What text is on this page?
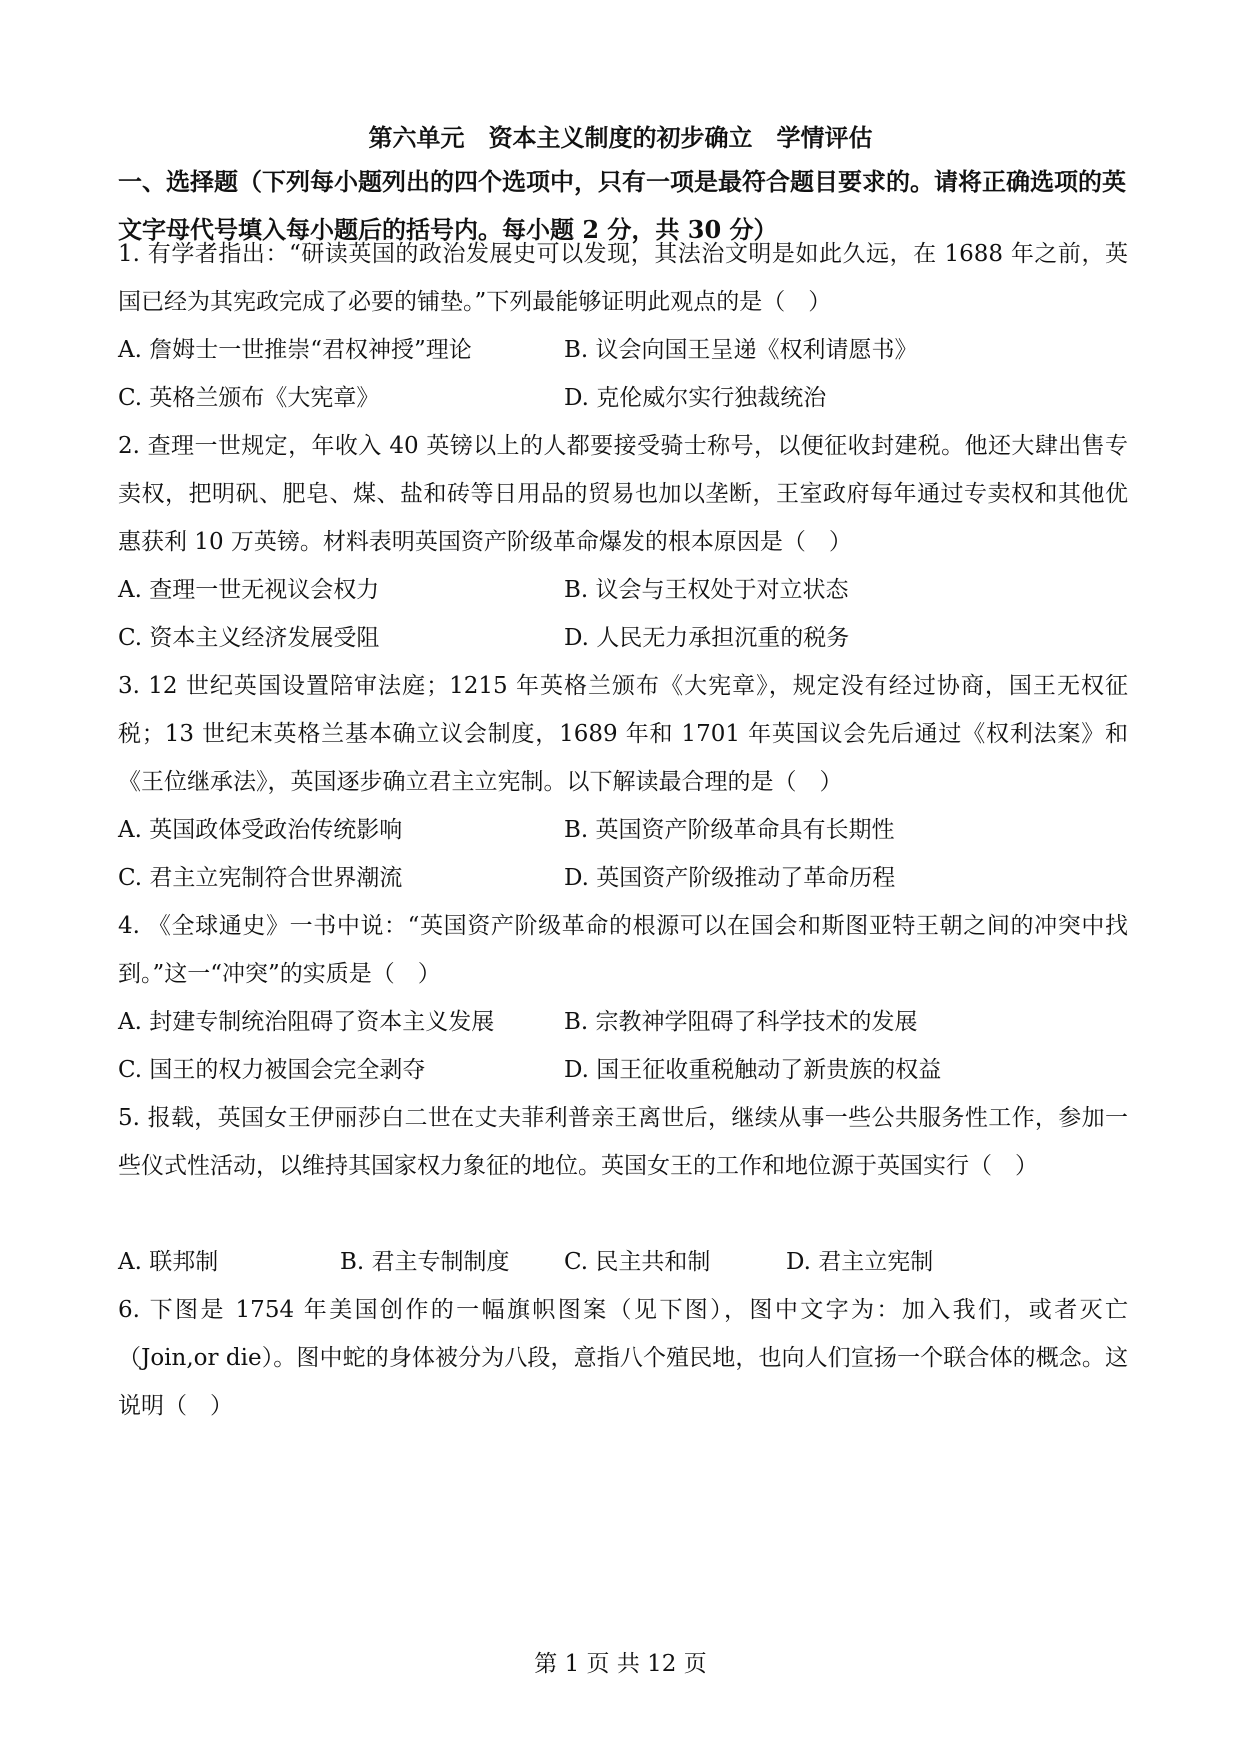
第六单元　资本主义制度的初步确立　学情评估
一、选择题（下列每小题列出的四个选项中，只有一项是最符合题目要求的。请将正确选项的英文字母代号填入每小题后的括号内。每小题 2 分，共 30 分）
1. 有学者指出：“研读英国的政治发展史可以发现，其法治文明是如此久远，在 1688 年之前，英国已经为其宪政完成了必要的铺垫。”下列最能够证明此观点的是（　）
A. 詹姆士一世推崇“君权神授”理论	B. 议会向国王呈递《权利请愿书》
C. 英格兰颁布《大宪章》	D. 克伦威尔实行独裁统治
2. 查理一世规定，年收入 40 英镑以上的人都要接受骑士称号，以便征收封建税。他还大肆出售专卖权，把明矾、肥皂、煤、盐和砖等日用品的贸易也加以垄断，王室政府每年通过专卖权和其他优惠获利 10 万英镑。材料表明英国资产阶级革命爆发的根本原因是（　）
A. 查理一世无视议会权力	B. 议会与王权处于对立状态
C. 资本主义经济发展受阻	D. 人民无力承担沉重的税务
3. 12 世纪英国设置陪审法庭；1215 年英格兰颁布《大宪章》，规定没有经过协商，国王无权征税；13 世纪末英格兰基本确立议会制度，1689 年和 1701 年英国议会先后通过《权利法案》和《王位继承法》，英国逐步确立君主立宪制。以下解读最合理的是（　）
A. 英国政体受政治传统影响	B. 英国资产阶级革命具有长期性
C. 君主立宪制符合世界潮流	D. 英国资产阶级推动了革命历程
4. 《全球通史》一书中说：“英国资产阶级革命的根源可以在国会和斯图亚特王朝之间的冲突中找到。”这一“冲突”的实质是（　）
A. 封建专制统治阻碍了资本主义发展	B. 宗教神学阻碍了科学技术的发展
C. 国王的权力被国会完全剥夺	D. 国王征收重税触动了新贵族的权益
5. 报载，英国女王伊丽莎白二世在丈夫菲利普亲王离世后，继续从事一些公共服务性工作，参加一些仪式性活动，以维持其国家权力象征的地位。英国女王的工作和地位源于英国实行（　）
A. 联邦制	B. 君主专制制度 C. 民主共和制	D. 君主立宪制
6. 下图是 1754 年美国创作的一幅旗帜图案（见下图），图中文字为：加入我们，或者灭亡（Join,or die）。图中蛇的身体被分为八段，意指八个殖民地，也向人们宣扬一个联合体的概念。这说明（　）
第 1 页 共 12 页
